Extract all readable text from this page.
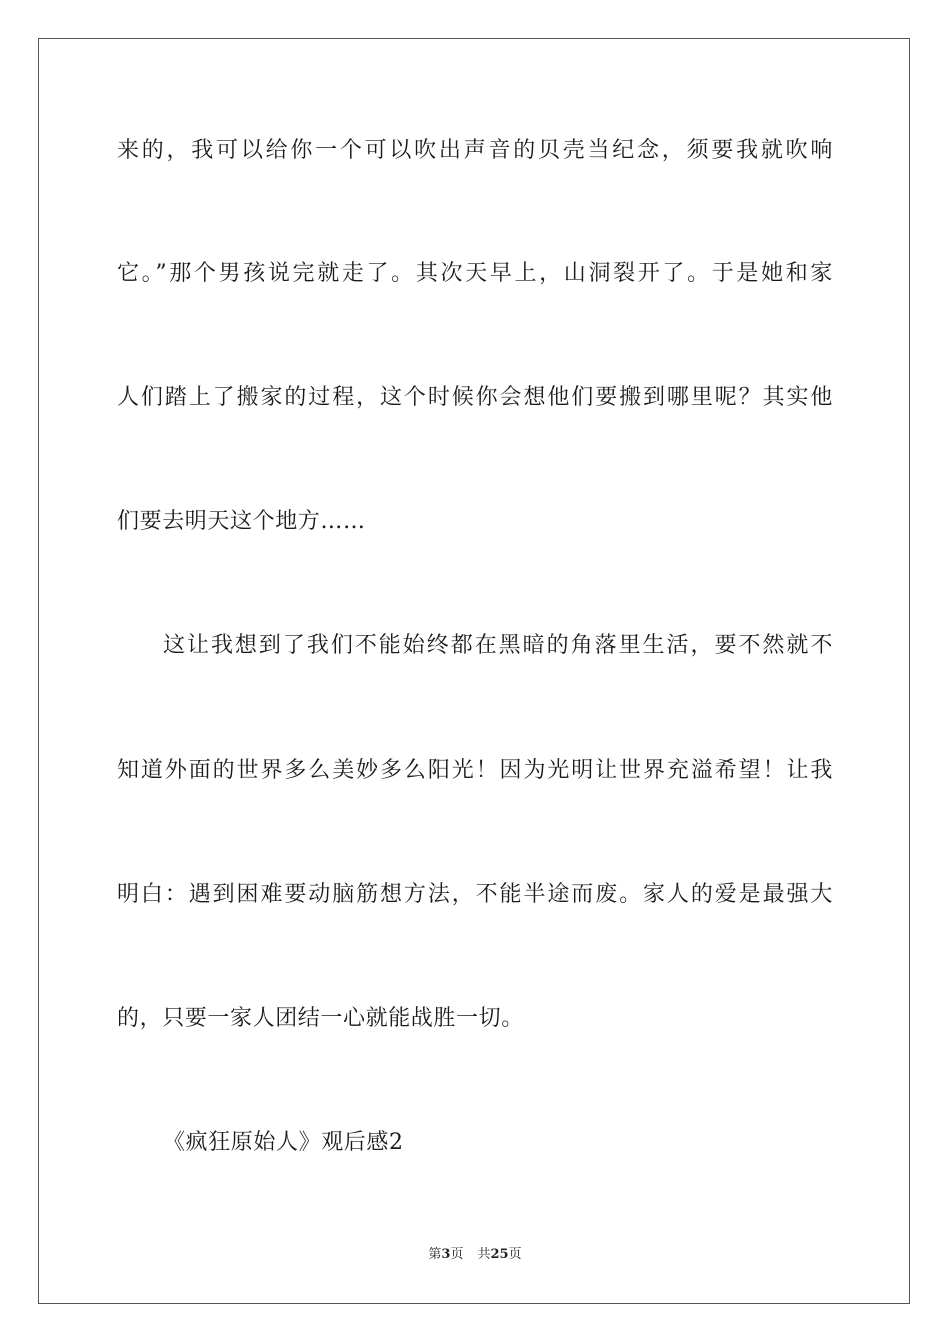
来的，我可以给你一个可以吹出声音的贝壳当纪念，须要我就吹响
它。”那个男孩说完就走了。其次天早上，山洞裂开了。于是她和家
人们踏上了搬家的过程，这个时候你会想他们要搬到哪里呢？其实他
们要去明天这个地方……
这让我想到了我们不能始终都在黑暗的角落里生活，要不然就不
知道外面的世界多么美妙多么阳光！因为光明让世界充溢希望！让我
明白：遇到困难要动脑筋想方法，不能半途而废。家人的爱是最强大
的，只要一家人团结一心就能战胜一切。
《疯狂原始人》观后感2
第3页 共25页
